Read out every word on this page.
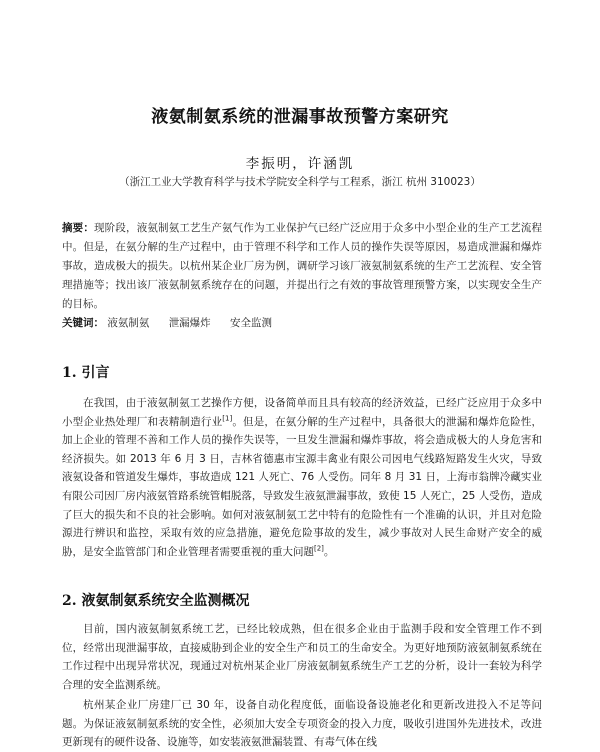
液氨制氨系统的泄漏事故预警方案研究
李振明，许涵凯
（浙江工业大学教育科学与技术学院安全科学与工程系，浙江 杭州 310023）
摘要：现阶段，液氨制氨工艺生产氨气作为工业保护气已经广泛应用于众多中小型企业的生产工艺流程中。但是，在氨分解的生产过程中，由于管理不科学和工作人员的操作失误等原因，易造成泄漏和爆炸事故，造成极大的损失。以杭州某企业厂房为例，调研学习该厂液氨制氨系统的生产工艺流程、安全管理措施等；找出该厂液氨制氨系统存在的问题，并提出行之有效的事故管理预警方案，以实现安全生产的目标。
关键词： 液氨制氨 泄漏爆炸 安全监测
1. 引言

在我国，由于液氨制氨工艺操作方便，设备简单而且具有较高的经济效益，已经广泛应用于众多中小型企业热处理厂和表精制造行业[1]。但是，在氨分解的生产过程中，具备很大的泄漏和爆炸危险性，加上企业的管理不善和工作人员的操作失误等，一旦发生泄漏和爆炸事故，将会造成极大的人身危害和经济损失。如 2013 年 6 月 3 日，吉林省德惠市宝源丰禽业有限公司因电气线路短路发生火灾，导致液氨设备和管道发生爆炸，事故造成 121 人死亡、76 人受伤。同年 8 月 31 日，上海市翁牌冷藏实业有限公司因厂房内液氨管路系统管帽脱落，导致发生液氨泄漏事故，致使 15 人死亡，25 人受伤，造成了巨大的损失和不良的社会影响。如何对液氨制氨工艺中特有的危险性有一个准确的认识，并且对危险源进行辨识和监控，采取有效的应急措施，避免危险事故的发生，减少事故对人民生命财产安全的威胁，是安全监管部门和企业管理者需要重视的重大问题[2]。

2. 液氨制氨系统安全监测概况

目前，国内液氨制氨系统工艺，已经比较成熟，但在很多企业由于监测手段和安全管理工作不到位，经常出现泄漏事故，直接威胁到企业的安全生产和员工的生命安全。为更好地预防液氨制氨系统在工作过程中出现异常状况，现通过对杭州某企业厂房液氨制氨系统生产工艺的分析，设计一套较为科学合理的安全监测系统。

杭州某企业厂房建厂已 30 年，设备自动化程度低，面临设备设施老化和更新改进投入不足等问题。为保证液氨制氨系统的安全性，必须加大安全专项资金的投入力度，吸收引进国外先进技术，改进更新现有的硬件设备、设施等，如安装液氨泄漏装置、有毒气体在线
